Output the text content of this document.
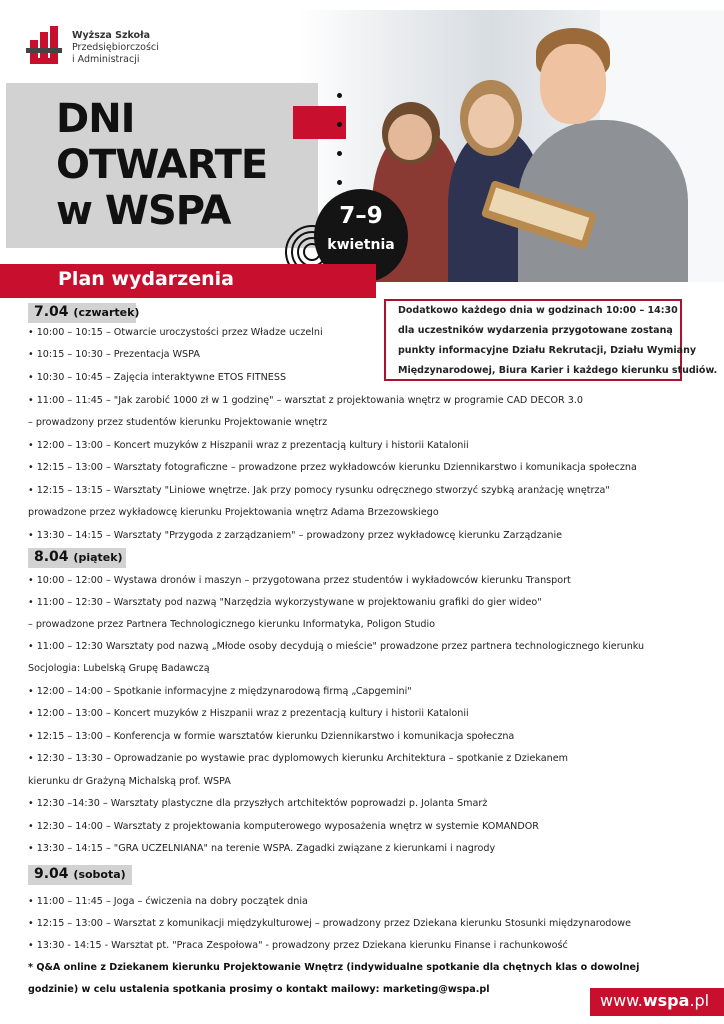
Wyższa Szkoła
Przedsiębiorczości
i Administracji
DNI
OTWARTE
w WSPA	7–9
kwietnia
Plan wydarzenia
Dodatkowo każdego dnia w godzinach 10:00 – 14:30
dla uczestników wydarzenia przygotowane zostaną
punkty informacyjne Działu Rekrutacji, Działu Wymiany
Międzynarodowej, Biura Karier i każdego kierunku studiów.
7.04 (czwartek)
• 10:00 – 10:15 – Otwarcie uroczystości przez Władze uczelni
• 10:15 – 10:30 – Prezentacja WSPA
• 10:30 – 10:45 – Zajęcia interaktywne ETOS FITNESS
• 11:00 – 11:45 – "Jak zarobić 1000 zł w 1 godzinę" – warsztat z projektowania wnętrz w programie CAD DECOR 3.0
– prowadzony przez studentów kierunku Projektowanie wnętrz
• 12:00 – 13:00 – Koncert muzyków z Hiszpanii wraz z prezentacją kultury i historii Katalonii
• 12:15 – 13:00 – Warsztaty fotograficzne – prowadzone przez wykładowców kierunku Dziennikarstwo i komunikacja społeczna
• 12:15 – 13:15 – Warsztaty "Liniowe wnętrze. Jak przy pomocy rysunku odręcznego stworzyć szybką aranżację wnętrza"
prowadzone przez wykładowcę kierunku Projektowania wnętrz Adama Brzezowskiego
• 13:30 – 14:15 – Warsztaty "Przygoda z zarządzaniem" – prowadzony przez wykładowcę kierunku Zarządzanie
8.04 (piątek)
• 10:00 – 12:00 – Wystawa dronów i maszyn – przygotowana przez studentów i wykładowców kierunku Transport
• 11:00 – 12:30 – Warsztaty pod nazwą "Narzędzia wykorzystywane w projektowaniu grafiki do gier wideo"
– prowadzone przez Partnera Technologicznego kierunku Informatyka, Poligon Studio
• 11:00 – 12:30 Warsztaty pod nazwą „Młode osoby decydują o mieście" prowadzone przez partnera technologicznego kierunku
Socjologia: Lubelską Grupę Badawczą
• 12:00 – 14:00 – Spotkanie informacyjne z międzynarodową firmą „Capgemini"
• 12:00 – 13:00 – Koncert muzyków z Hiszpanii wraz z prezentacją kultury i historii Katalonii
• 12:15 – 13:00 – Konferencja w formie warsztatów kierunku Dziennikarstwo i komunikacja społeczna
• 12:30 – 13:30 – Oprowadzanie po wystawie prac dyplomowych kierunku Architektura – spotkanie z Dziekanem
kierunku dr Grażyną Michalską prof. WSPA
• 12:30 –14:30 – Warsztaty plastyczne dla przyszłych artchitektów poprowadzi p. Jolanta Smarż
• 12:30 – 14:00 – Warsztaty z projektowania komputerowego wyposażenia wnętrz w systemie KOMANDOR
• 13:30 – 14:15 – "GRA UCZELNIANA" na terenie WSPA. Zagadki związane z kierunkami i nagrody
9.04 (sobota)
• 11:00 – 11:45 – Joga – ćwiczenia na dobry początek dnia
• 12:15 – 13:00 – Warsztat z komunikacji międzykulturowej – prowadzony przez Dziekana kierunku Stosunki międzynarodowe
• 13:30 - 14:15 - Warsztat pt. "Praca Zespołowa" - prowadzony przez Dziekana kierunku Finanse i rachunkowość
* Q&A online z Dziekanem kierunku Projektowanie Wnętrz (indywidualne spotkanie dla chętnych klas o dowolnej
godzinie) w celu ustalenia spotkania prosimy o kontakt mailowy: marketing@wspa.pl
www.wspa.pl
